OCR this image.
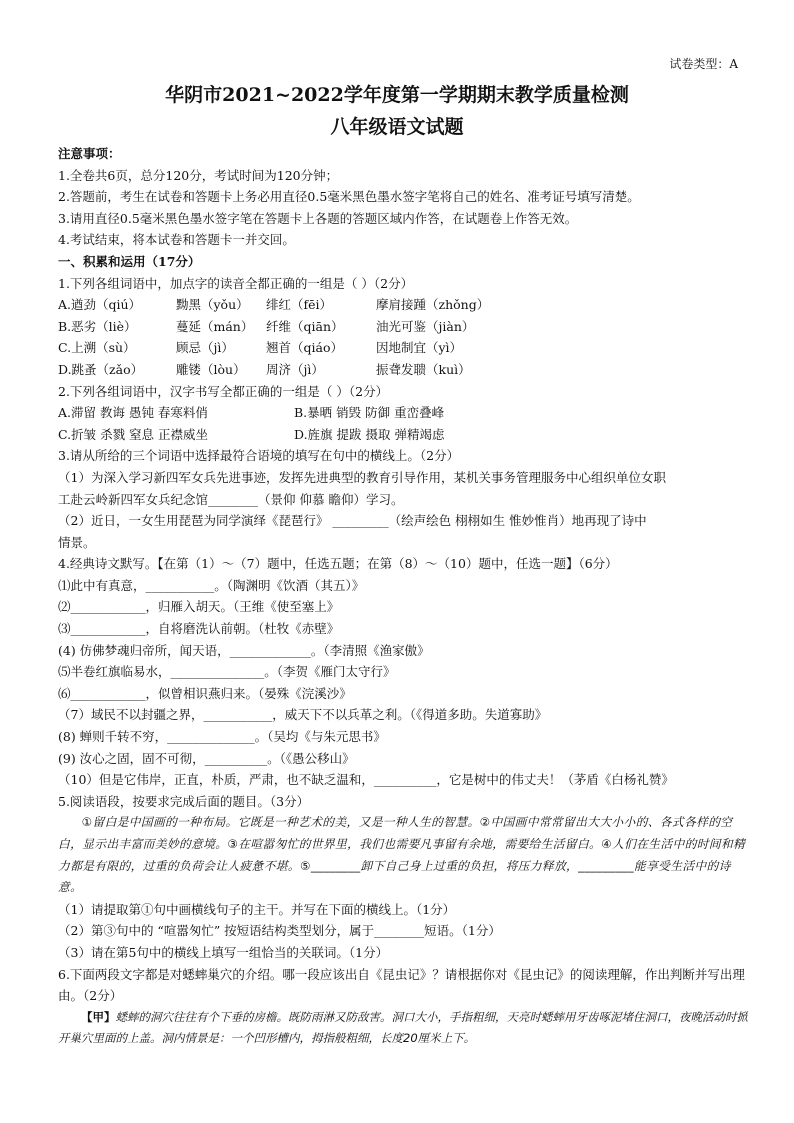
试卷类型：A
华阴市2021~2022学年度第一学期期末教学质量检测
八年级语文试题
注意事项：
1.全卷共6页，总分120分，考试时间为120分钟；
2.答题前，考生在试卷和答题卡上务必用直径0.5毫米黑色墨水签字笔将自己的姓名、准考证号填写清楚。
3.请用直径0.5毫米黑色墨水签字笔在答题卡上各题的答题区域内作答，在试题卷上作答无效。
4.考试结束，将本试卷和答题卡一并交回。
一、积累和运用（17分）
1.下列各组词语中，加点字的读音全都正确的一组是（ ）（2分）
A.遒劲（qiú）	黝黑（yǒu）	绯红（fēi）	摩肩接踵（zhǒng）
B.恶劣（liè）	蔓延（mán）	纤维（qiān）	油光可鉴（jiàn）
C.上溯（sù）	顾忌（jì）	翘首（qiáo）	因地制宜（yì）
D.跳蚤（zǎo）	雕镂（lòu）	周济（jì）	振聋发聩（kuì）
2.下列各组词语中，汉字书写全都正确的一组是（ ）（2分）
A.滞留 教诲 愚钝 春寒料俏	B.暴晒 销毁 防御 重峦叠峰
C.折皱 杀戮 窒息 正襟威坐	D.旌旗 提跋 摄取 弹精竭虑
3.请从所给的三个词语中选择最符合语境的填写在句中的横线上。（2分）
（1）为深入学习新四军女兵先进事迹，发挥先进典型的教育引导作用，某机关事务管理服务中心组织单位女职
工赴云岭新四军女兵纪念馆________（景仰 仰慕 瞻仰）学习。
（2）近日，一女生用琵琶为同学演绎《琵琶行》 _________（绘声绘色 栩栩如生 惟妙惟肖）地再现了诗中
情景。
4.经典诗文默写。【在第（1）～（7）题中，任选五题；在第（8）～（10）题中，任选一题】（6分）
⑴此中有真意，___________。（陶渊明《饮酒（其五）》
⑵____________，归雁入胡天。（王维《使至塞上》
⑶____________，自将磨洗认前朝。（杜牧《赤壁》
(4) 仿佛梦魂归帝所，闻天语，_____________。（李清照《渔家傲》
⑸半卷红旗临易水，_______________。（李贺《雁门太守行》
⑹____________，似曾相识燕归来。（晏殊《浣溪沙》
（7）域民不以封疆之界，___________，威天下不以兵革之利。（《得道多助。失道寡助》
(8) 蝉则千转不穷，______________。（吴均《与朱元思书》
(9) 汝心之固，固不可彻，__________。（《愚公移山》
（10）但是它伟岸，正直，朴质，严肃，也不缺乏温和，__________，它是树中的伟丈夫！（茅盾《白杨礼赞》
5.阅读语段，按要求完成后面的题目。（3分）
①留白是中国画的一种布局。它既是一种艺术的美，又是一种人生的智慧。②中国画中常常留出大大小小的、各式各样的空白，显示出丰富而美妙的意境。③在喧嚣匆忙的世界里，我们也需要凡事留有余地，需要给生活留白。④人们在生活中的时间和精力都是有限的，过重的负荷会让人疲惫不堪。⑤________卸下自己身上过重的负担，将压力释放，_________能享受生活中的诗意。
（1）请提取第①句中画横线句子的主干。并写在下面的横线上。（1分）
（2）第③句中的 “喧嚣匆忙” 按短语结构类型划分，属于________短语。（1分）
（3）请在第5句中的横线上填写一组恰当的关联词。（1分）
6.下面两段文字都是对蟋蟀巢穴的介绍。哪一段应该出自《昆虫记》？请根据你对《昆虫记》的阅读理解，作出判断并写出理由。（2分）
【甲】蟋蟀的洞穴往往有个下垂的房檐。既防雨淋又防敌害。洞口大小，手指粗细，天亮时蟋蟀用牙齿啄泥堵住洞口，夜晚活动时掀开巢穴里面的上盖。洞内情景是：一个凹形槽内，拇指般粗细，长度20厘米上下。
